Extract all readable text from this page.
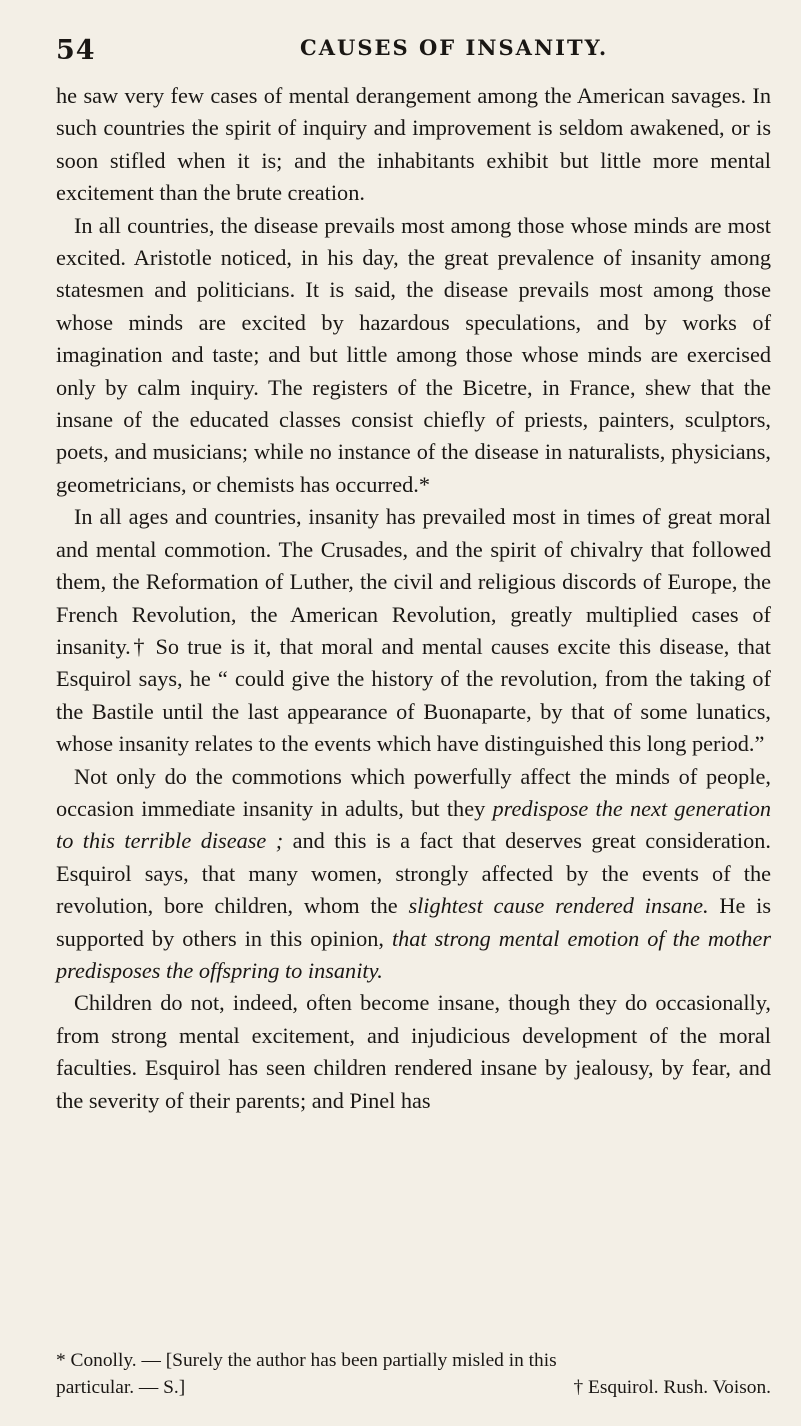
54	CAUSES OF INSANITY.

he saw very few cases of mental derangement among the American savages. In such countries the spirit of inquiry and improvement is seldom awakened, or is soon stifled when it is; and the inhabitants exhibit but little more mental excitement than the brute creation.

In all countries, the disease prevails most among those whose minds are most excited. Aristotle noticed, in his day, the great prevalence of insanity among statesmen and politicians. It is said, the disease prevails most among those whose minds are excited by hazardous speculations, and by works of imagination and taste; and but little among those whose minds are exercised only by calm inquiry. The registers of the Bicetre, in France, shew that the insane of the educated classes consist chiefly of priests, painters, sculptors, poets, and musicians; while no instance of the disease in naturalists, physicians, geometricians, or chemists has occurred.*

In all ages and countries, insanity has prevailed most in times of great moral and mental commotion. The Crusades, and the spirit of chivalry that followed them, the Reformation of Luther, the civil and religious discords of Europe, the French Revolution, the American Revolution, greatly multiplied cases of insanity.† So true is it, that moral and mental causes excite this disease, that Esquirol says, he “ could give the history of the revolution, from the taking of the Bastile until the last appearance of Buonaparte, by that of some lunatics, whose insanity relates to the events which have distinguished this long period.”

Not only do the commotions which powerfully affect the minds of people, occasion immediate insanity in adults, but they predispose the next generation to this terrible disease ; and this is a fact that deserves great consideration. Esquirol says, that many women, strongly affected by the events of the revolution, bore children, whom the slightest cause rendered insane. He is supported by others in this opinion, that strong mental emotion of the mother predisposes the offspring to insanity.

Children do not, indeed, often become insane, though they do occasionally, from strong mental excitement, and injudicious development of the moral faculties. Esquirol has seen children rendered insane by jealousy, by fear, and the severity of their parents; and Pinel has

* Conolly. — [Surely the author has been partially misled in this
particular. — S.]	† Esquirol. Rush. Voison.
